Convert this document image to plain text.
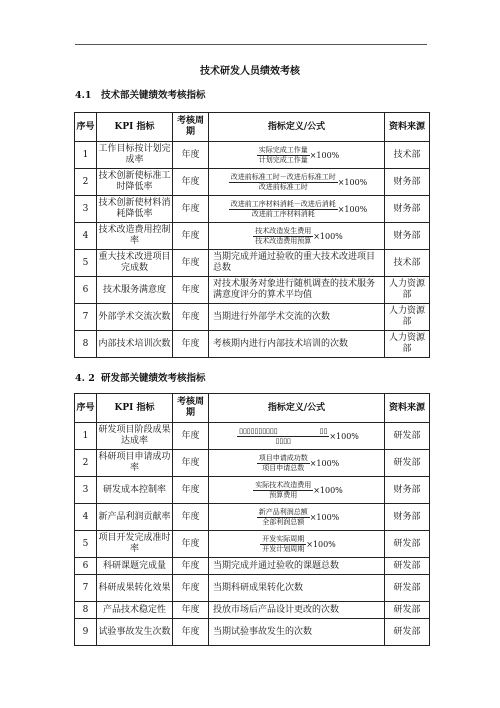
技术研发人员绩效考核
4.1 技术部关键绩效考核指标
序号	KPI 指标	考核周期	指标定义/公式	资料来源
1	工作目标按计划完成率	年度	$\frac{\text{实际完成工作量}}{\text{计划完成工作量}} \times 100\%$	技术部
2	技术创新使标准工时降低率	年度	$\frac{\text{改进前标准工时－改进后标准工时}}{\text{改进前标准工时}} \times 100\%$	财务部
3	技术创新使材料消耗降低率	年度	$\frac{\text{改进前工序材料消耗－改进后消耗}}{\text{改进前工序材料消耗}} \times 100\%$	财务部
4	技术改造费用控制率	年度	$\frac{\text{技术改造发生费用}}{\text{技术改造费用预算}} \times 100\%$	财务部
5	重大技术改进项目完成数	年度	当期完成并通过验收的重大技术改进项目总数	技术部
6	技术服务满意度	年度	对技术服务对象进行随机调查的技术服务满意度评分的算术平均值	人力资源部
7	外部学术交流次数	年度	当期进行外部学术交流的次数	人力资源部
8	内部技术培训次数	年度	考核期内进行内部技术培训的次数	人力资源部
4. 2 研发部关键绩效考核指标
序号	KPI 指标	考核周期	指标定义/公式	资料来源
1	研发项目阶段成果达成率	年度	$\frac{▯▯▯▯▯▯▯▯▯▯ ▯▯}{▯▯▯▯} \times 100\%$	研发部
2	科研项目申请成功率	年度	$\frac{\text{项目申请成功数}}{\text{项目申请总数}} \times 100\%$	研发部
3	研发成本控制率	年度	$\frac{\text{实际技术改造费用}}{\text{预算费用}} \times 100\%$	财务部
4	新产品利润贡献率	年度	$\frac{\text{新产品利润总额}}{\text{全部利润总额}} \times 100\%$	财务部
5	项目开发完成准时率	年度	$\frac{\text{开发实际周期}}{\text{开发计划周期}} \times 100\%$	研发部
6	科研课题完成量	年度	当期完成并通过验收的课题总数	研发部
7	科研成果转化效果	年度	当期科研成果转化次数	研发部
8	产品技术稳定性	年度	投放市场后产品设计更改的次数	研发部
9	试验事故发生次数	年度	当期试验事故发生的次数	研发部
